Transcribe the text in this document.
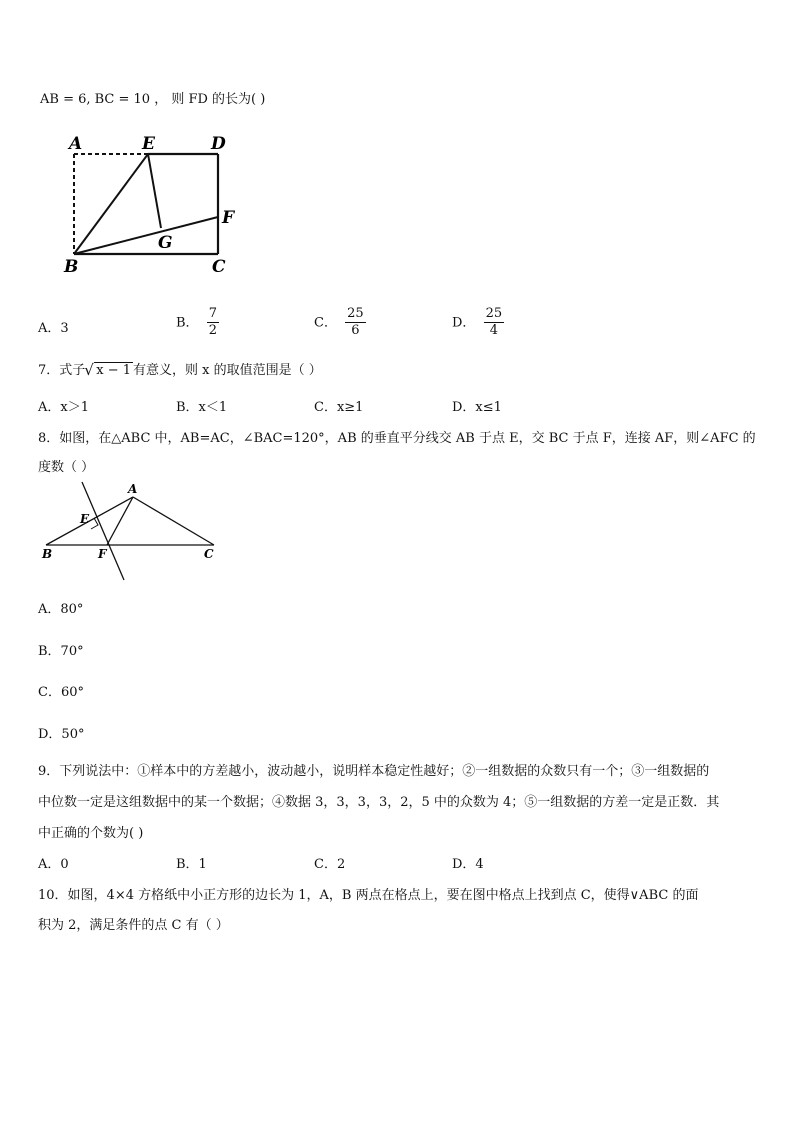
AB = 6, BC = 10 ， 则 FD 的长为( )
A	E	D
F
G
B	C
A．3	B． $\frac{7}{2}$	C． $\frac{25}{6}$	D． $\frac{25}{4}$
7．式子√ x − 1 有意义，则 x 的取值范围是（ ）
A．x＞1	B．x＜1	C．x≥1	D．x≤1
8．如图，在△ABC 中，AB=AC，∠BAC=120°，AB 的垂直平分线交 AB 于点 E，交 BC 于点 F，连接 AF，则∠AFC 的
度数（ ）
A
E
B	F	C
A．80°
B．70°
C．60°
D．50°
9．下列说法中：①样本中的方差越小，波动越小，说明样本稳定性越好；②一组数据的众数只有一个；③一组数据的
中位数一定是这组数据中的某一个数据；④数据 3，3，3，3，2，5 中的众数为 4；⑤一组数据的方差一定是正数．其
中正确的个数为( )
A．0	B．1	C．2	D．4
10．如图，4×4 方格纸中小正方形的边长为 1，A，B 两点在格点上，要在图中格点上找到点 C，使得∨ABC 的面
积为 2，满足条件的点 C 有（ ）
